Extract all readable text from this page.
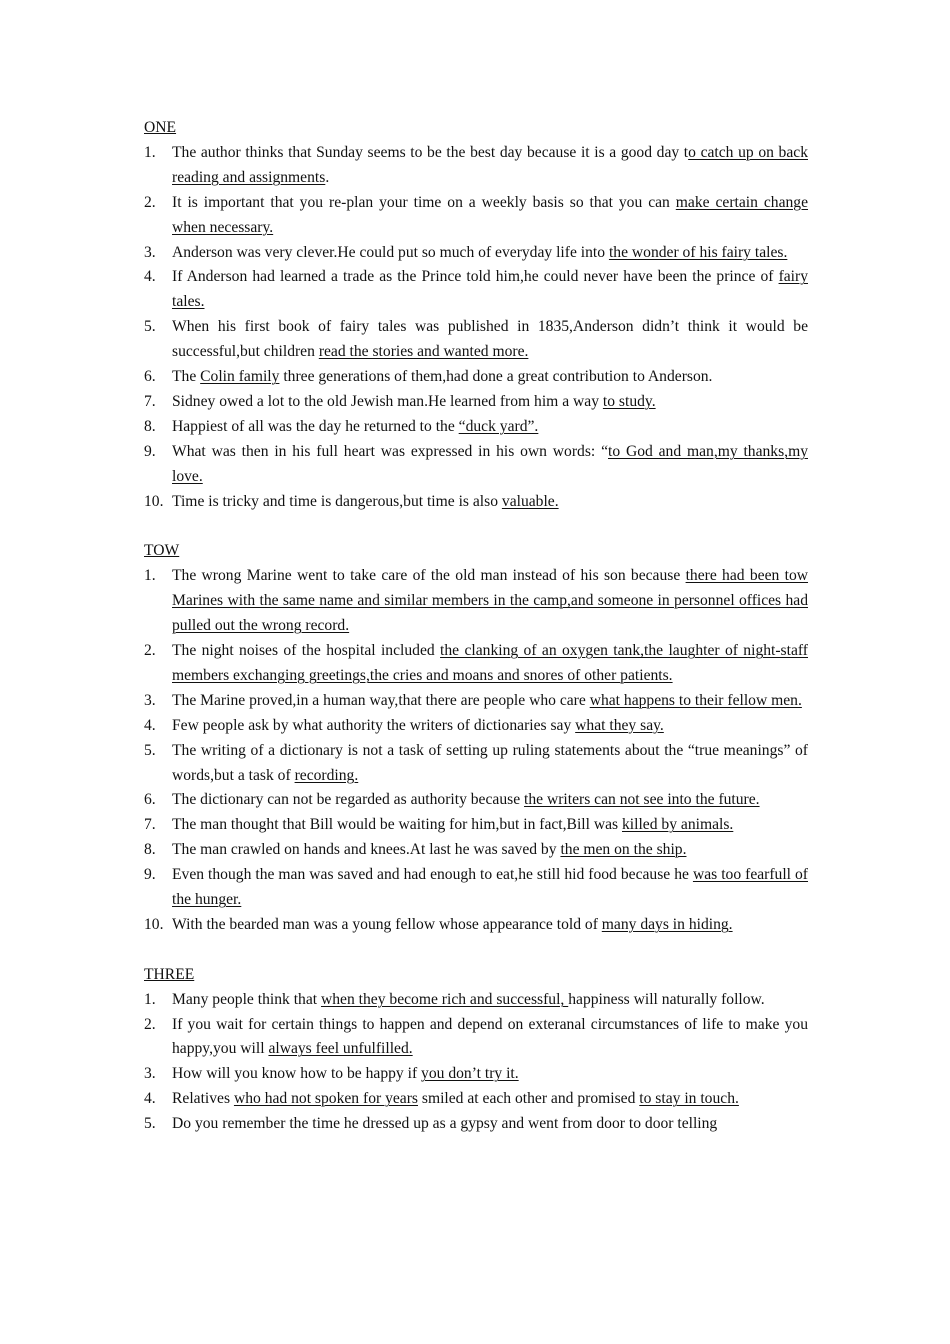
ONE
1.	The author thinks that Sunday seems to be the best day because it is a good day to catch up on back reading and assignments.
2.	It is important that you re-plan your time on a weekly basis so that you can make certain change when necessary.
3.	Anderson was very clever.He could put so much of everyday life into the wonder of his fairy tales.
4.	If Anderson had learned a trade as the Prince told him,he could never have been the prince of fairy tales.
5.	When his first book of fairy tales was published in 1835,Anderson didn’t think it would be successful,but children read the stories and wanted more.
6.	The Colin family three generations of them,had done a great contribution to Anderson.
7.	Sidney owed a lot to the old Jewish man.He learned from him a way to study.
8.	Happiest of all was the day he returned to the “duck yard”.
9.	What was then in his full heart was expressed in his own words: “to God and man,my thanks,my love.
10. Time is tricky and time is dangerous,but time is also valuable.
TOW
1.	The wrong Marine went to take care of the old man instead of his son because there had been tow Marines with the same name and similar members in the camp,and someone in personnel offices had pulled out the wrong record.
2.	The night noises of the hospital included the clanking of an oxygen tank,the laughter of night-staff members exchanging greetings,the cries and moans and snores of other patients.
3.	The Marine proved,in a human way,that there are people who care what happens to their fellow men.
4.	Few people ask by what authority the writers of dictionaries say what they say.
5.	The writing of a dictionary is not a task of setting up ruling statements about the “true meanings” of words,but a task of recording.
6.	The dictionary can not be regarded as authority because the writers can not see into the future.
7.	The man thought that Bill would be waiting for him,but in fact,Bill was killed by animals.
8.	The man crawled on hands and knees.At last he was saved by the men on the ship.
9.	Even though the man was saved and had enough to eat,he still hid food because he was too fearfull of the hunger.
10. With the bearded man was a young fellow whose appearance told of many days in hiding.
THREE
1.	Many people think that when they become rich and successful, happiness will naturally follow.
2.	If you wait for certain things to happen and depend on exteranal circumstances of life to make you happy,you will always feel unfulfilled.
3.	How will you know how to be happy if you don’t try it.
4.	Relatives who had not spoken for years smiled at each other and promised to stay in touch.
5.	Do you remember the time he dressed up as a gypsy and went from door to door telling
